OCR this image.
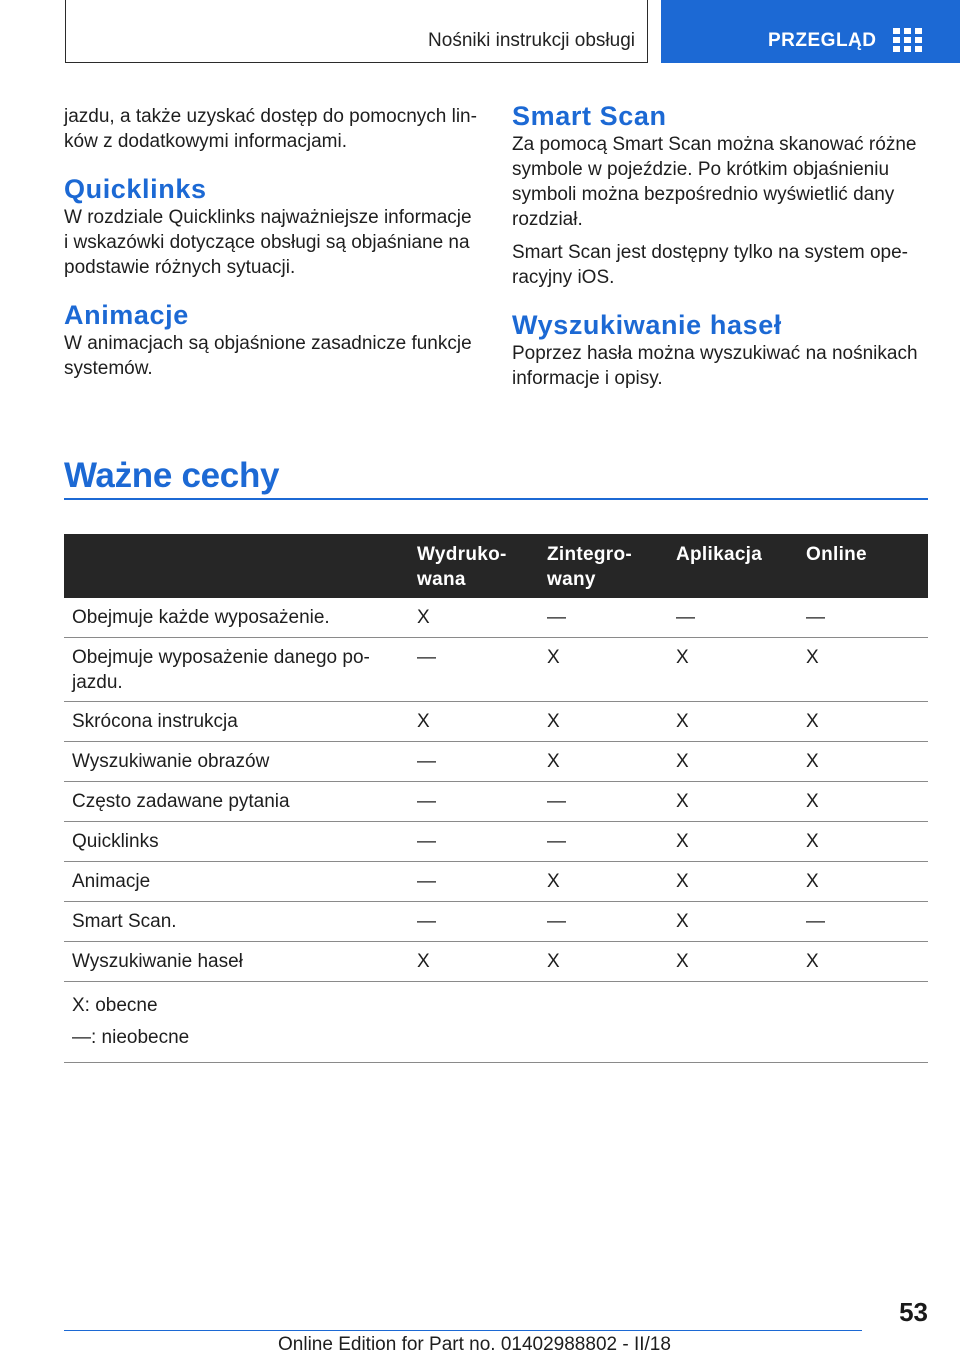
Nośniki instrukcji obsługi	PRZEGLĄD

jazdu, a także uzyskać dostęp do pomocnych lin-ków z dodatkowymi informacjami.

Quicklinks

W rozdziale Quicklinks najważniejsze informacje i wskazówki dotyczące obsługi są objaśniane na podstawie różnych sytuacji.

Animacje

W animacjach są objaśnione zasadnicze funkcje systemów.

Smart Scan

Za pomocą Smart Scan można skanować różne symbole w pojeździe. Po krótkim objaśnieniu symboli można bezpośrednio wyświetlić dany rozdział.

Smart Scan jest dostępny tylko na system ope-racyjny iOS.

Wyszukiwanie haseł

Poprzez hasła można wyszukiwać na nośnikach informacje i opisy.

Ważne cechy
	Wydruko-wana	Zintegro-wany	Aplikacja	Online
Obejmuje każde wyposażenie.	X	—	—	—
Obejmuje wyposażenie danego po-jazdu.	—	X	X	X
Skrócona instrukcja	X	X	X	X
Wyszukiwanie obrazów	—	X	X	X
Często zadawane pytania	—	—	X	X
Quicklinks	—	—	X	X
Animacje	—	X	X	X
Smart Scan.	—	—	X	—
Wyszukiwanie haseł	X	X	X	X

X: obecne
—: nieobecne				
53
Online Edition for Part no. 01402988802 - II/18
